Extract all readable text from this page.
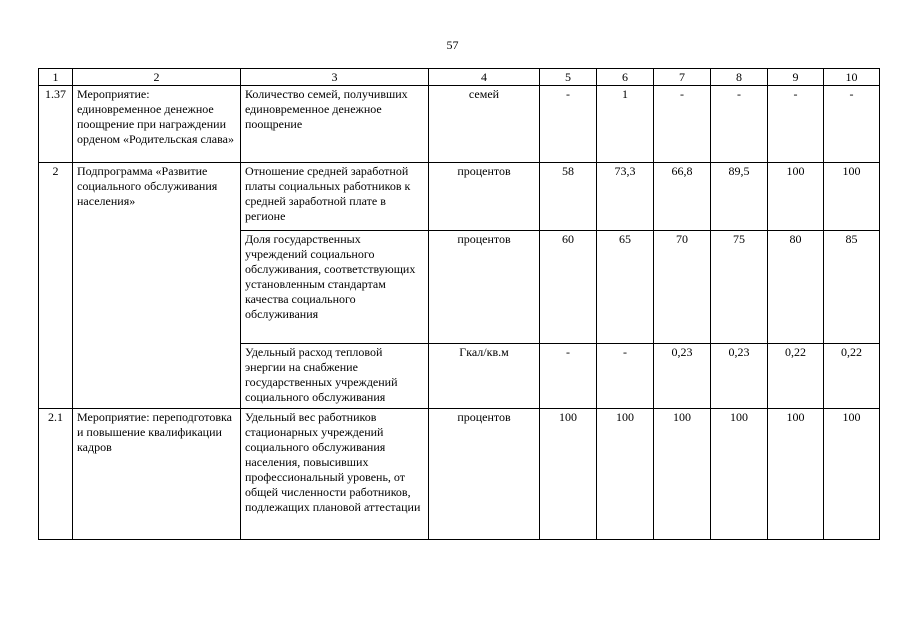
57
1	2	3	4	5	6	7	8	9	10
1.37	Мероприятие: единовременное денежное поощрение при награждении орденом «Родительская слава»	Количество семей, получивших единовременное денежное поощрение	семей	-	1	-	-	-	-
2	Подпрограмма «Развитие социального обслуживания населения»	Отношение средней заработной платы социальных работников к средней заработной плате в регионе	процентов	58	73,3	66,8	89,5	100	100
		Доля государственных учреждений социального обслуживания, соответствующих установленным стандартам качества социального обслуживания	процентов	60	65	70	75	80	85
		Удельный расход тепловой энергии на снабжение государственных учреждений социального обслуживания	Гкал/кв.м	-	-	0,23	0,23	0,22	0,22
2.1	Мероприятие: переподготовка и повышение квалификации кадров	Удельный вес работников стационарных учреждений социального обслуживания населения, повысивших профессиональный уровень, от общей численности работников, подлежащих плановой аттестации	процентов	100	100	100	100	100	100
